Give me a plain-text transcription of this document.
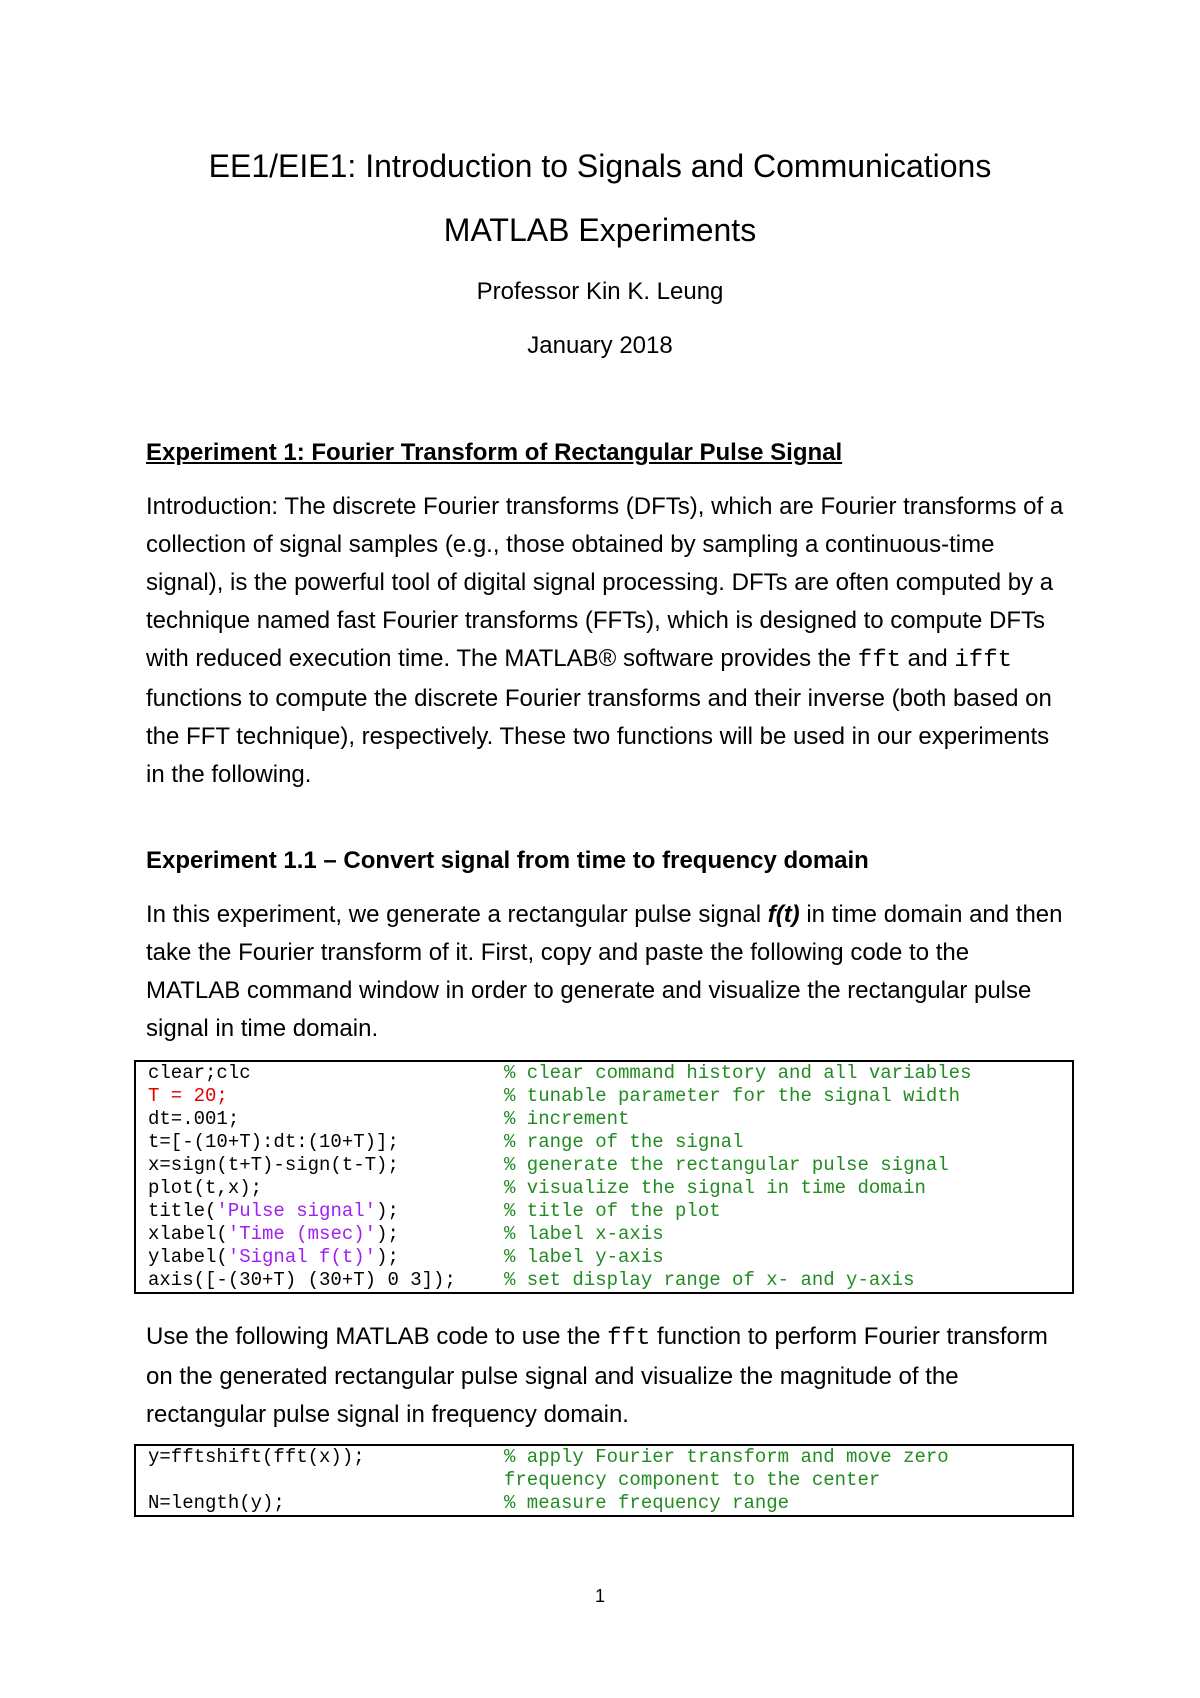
EE1/EIE1: Introduction to Signals and Communications
MATLAB Experiments
Professor Kin K. Leung
January 2018
Experiment 1: Fourier Transform of Rectangular Pulse Signal
Introduction: The discrete Fourier transforms (DFTs), which are Fourier transforms of a collection of signal samples (e.g., those obtained by sampling a continuous-time signal), is the powerful tool of digital signal processing. DFTs are often computed by a technique named fast Fourier transforms (FFTs), which is designed to compute DFTs with reduced execution time. The MATLAB® software provides the fft and ifft functions to compute the discrete Fourier transforms and their inverse (both based on the FFT technique), respectively. These two functions will be used in our experiments in the following.
Experiment 1.1 – Convert signal from time to frequency domain
In this experiment, we generate a rectangular pulse signal f(t) in time domain and then take the Fourier transform of it. First, copy and paste the following code to the MATLAB command window in order to generate and visualize the rectangular pulse signal in time domain.
clear;clc	% clear command history and all variables
T = 20;	% tunable parameter for the signal width
dt=.001;	% increment
t=[-(10+T):dt:(10+T)];	% range of the signal
x=sign(t+T)-sign(t-T);	% generate the rectangular pulse signal
plot(t,x);	% visualize the signal in time domain
title('Pulse signal');	% title of the plot
xlabel('Time (msec)');	% label x-axis
ylabel('Signal f(t)');	% label y-axis
axis([-(30+T) (30+T) 0 3]);	% set display range of x- and y-axis
Use the following MATLAB code to use the fft function to perform Fourier transform on the generated rectangular pulse signal and visualize the magnitude of the rectangular pulse signal in frequency domain.
y=fftshift(fft(x));	% apply Fourier transform and move zero
frequency component to the center
N=length(y);	% measure frequency range
1
